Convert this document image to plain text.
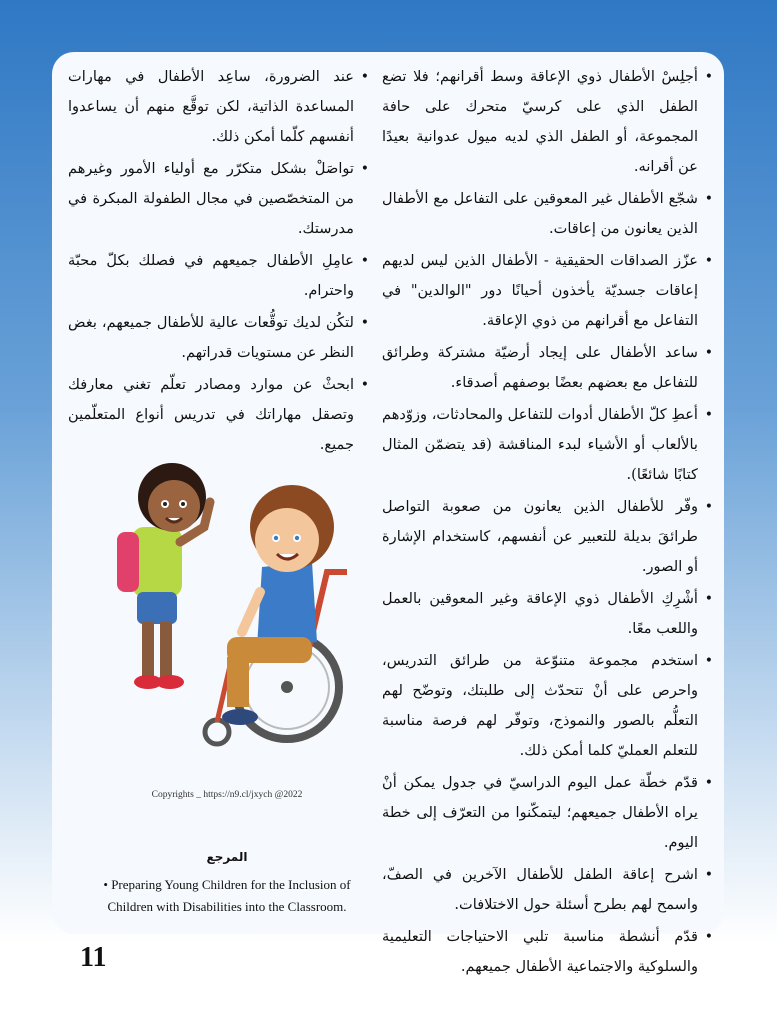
• أجلِسْ الأطفال ذوي الإعاقة وسط أقرانهم؛ فلا تضع الطفل الذي على كرسيّ متحرك على حافة المجموعة، أو الطفل الذي لديه ميول عدوانية بعيدًا عن أقرانه.
• شجّع الأطفال غير المعوقين على التفاعل مع الأطفال الذين يعانون من إعاقات.
• عزّز الصداقات الحقيقية - الأطفال الذين ليس لديهم إعاقات جسديّة يأخذون أحيانًا دور "الوالدين" في التفاعل مع أقرانهم من ذوي الإعاقة.
• ساعد الأطفال على إيجاد أرضيّة مشتركة وطرائق للتفاعل مع بعضهم بعضًا بوصفهم أصدقاء.
• أعطِ كلّ الأطفال أدوات للتفاعل والمحادثات، وزوّدهم بالألعاب أو الأشياء لبدء المناقشة (قد يتضمّن المثال كتابًا شائعًا).
• وفّر للأطفال الذين يعانون من صعوبة التواصل طرائقَ بديلة للتعبير عن أنفسهم، كاستخدام الإشارة أو الصور.
• أشْرِكِ الأطفال ذوي الإعاقة وغير المعوقين بالعمل واللعب معًا.
• استخدم مجموعة متنوّعة من طرائق التدريس، واحرص على أنْ تتحدّث إلى طلبتك، وتوضّح لهم التعلُّم بالصور والنموذج، وتوفّر لهم فرصة مناسبة للتعلم العمليّ كلما أمكن ذلك.
• قدّم خطّة عمل اليوم الدراسيّ في جدول يمكن أنْ يراه الأطفال جميعهم؛ ليتمكّنوا من التعرّف إلى خطة اليوم.
• اشرح إعاقة الطفل للأطفال الآخرين في الصفّ، واسمح لهم بطرح أسئلة حول الاختلافات.
• قدّم أنشطة مناسبة تلبي الاحتياجات التعليمية والسلوكية والاجتماعية الأطفال جميعهم.
• عند الضرورة، ساعِد الأطفال في مهارات المساعدة الذاتية، لكن توقَّع منهم أن يساعدوا أنفسهم كلّما أمكن ذلك.
• تواصَلْ بشكل متكرّر مع أولياء الأمور وغيرهم من المتخصّصين في مجال الطفولة المبكرة في مدرستك.
• عامِلِ الأطفال جميعهم في فصلك بكلّ محبّة واحترام.
• لتكُن لديك توقُّعات عالية للأطفال جميعهم، بغض النظر عن مستويات قدراتهم.
• ابحثْ عن موارد ومصادر تعلّم تغني معارفك وتصقل مهاراتك في تدريس أنواع المتعلّمين جميع.
Copyrights _ https://n9.cl/jxych @2022
المرجع
• Preparing Young Children for the Inclusion of Children with Disabilities into the Classroom.
11
